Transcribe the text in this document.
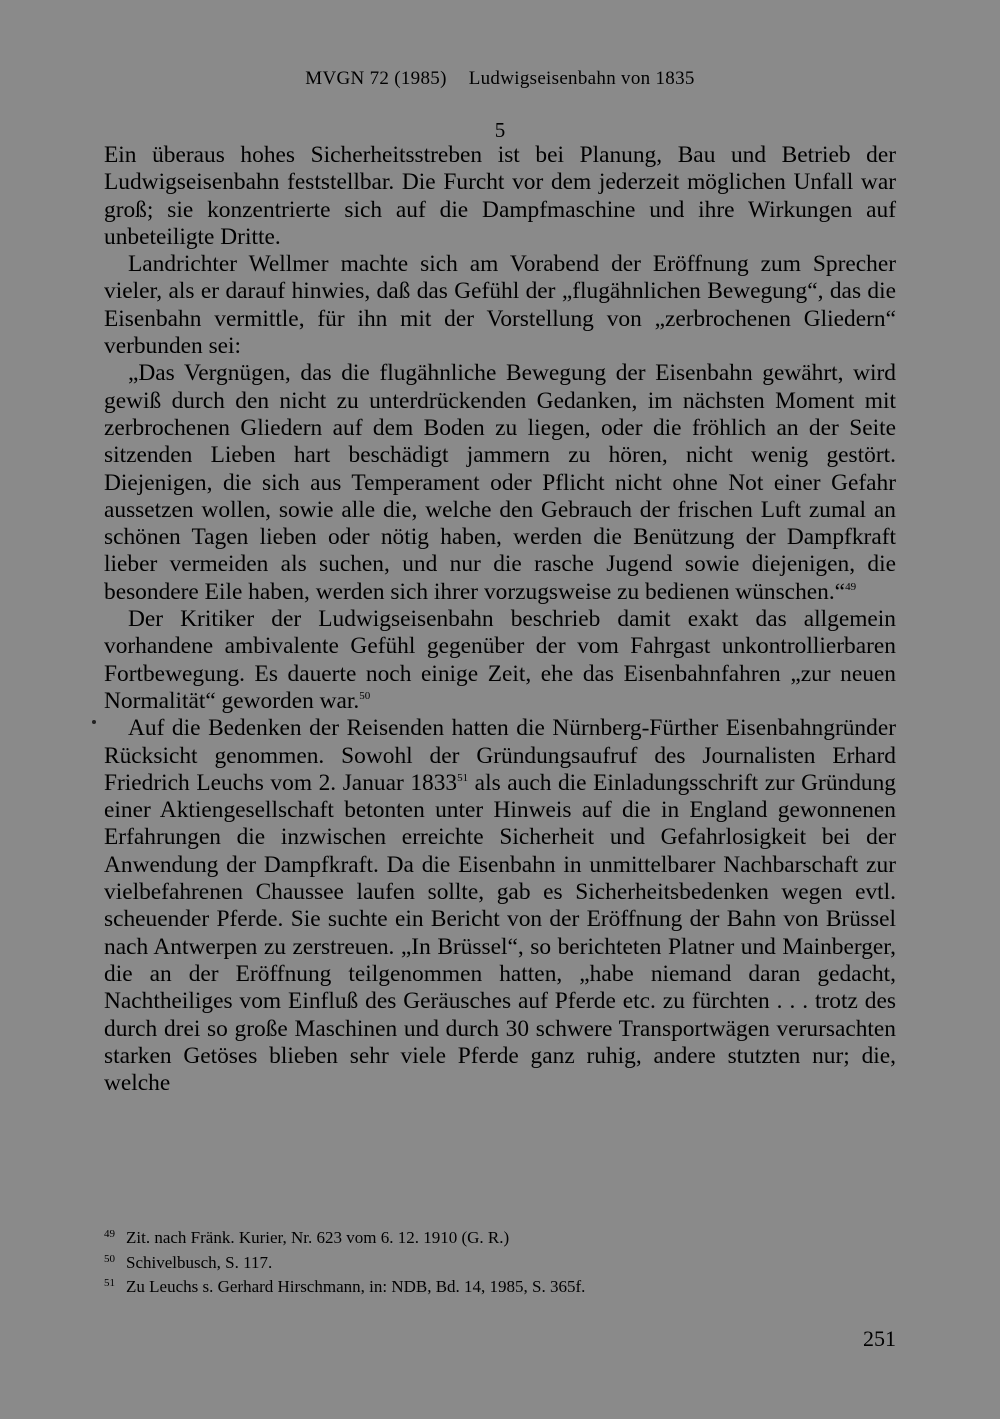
MVGN 72 (1985) Ludwigseisenbahn von 1835
5

Ein überaus hohes Sicherheitsstreben ist bei Planung, Bau und Betrieb der Ludwigseisenbahn feststellbar. Die Furcht vor dem jederzeit möglichen Unfall war groß; sie konzentrierte sich auf die Dampfmaschine und ihre Wirkungen auf unbeteiligte Dritte.

Landrichter Wellmer machte sich am Vorabend der Eröffnung zum Sprecher vieler, als er darauf hinwies, daß das Gefühl der „flugähnlichen Bewegung“, das die Eisenbahn vermittle, für ihn mit der Vorstellung von „zerbrochenen Gliedern“ verbunden sei:

„Das Vergnügen, das die flugähnliche Bewegung der Eisenbahn gewährt, wird gewiß durch den nicht zu unterdrückenden Gedanken, im nächsten Moment mit zerbrochenen Gliedern auf dem Boden zu liegen, oder die fröhlich an der Seite sitzenden Lieben hart beschädigt jammern zu hören, nicht wenig gestört. Diejenigen, die sich aus Temperament oder Pflicht nicht ohne Not einer Gefahr aussetzen wollen, sowie alle die, welche den Gebrauch der frischen Luft zumal an schönen Tagen lieben oder nötig haben, werden die Benützung der Dampfkraft lieber vermeiden als suchen, und nur die rasche Jugend sowie diejenigen, die besondere Eile haben, werden sich ihrer vorzugsweise zu bedienen wünschen.“$^{49}$

Der Kritiker der Ludwigseisenbahn beschrieb damit exakt das allgemein vorhandene ambivalente Gefühl gegenüber der vom Fahrgast unkontrollierbaren Fortbewegung. Es dauerte noch einige Zeit, ehe das Eisenbahnfahren „zur neuen Normalität“ geworden war.$^{50}$

Auf die Bedenken der Reisenden hatten die Nürnberg-Fürther Eisenbahngründer Rücksicht genommen. Sowohl der Gründungsaufruf des Journalisten Erhard Friedrich Leuchs vom 2. Januar 1833$^{51}$ als auch die Einladungsschrift zur Gründung einer Aktiengesellschaft betonten unter Hinweis auf die in England gewonnenen Erfahrungen die inzwischen erreichte Sicherheit und Gefahrlosigkeit bei der Anwendung der Dampfkraft. Da die Eisenbahn in unmittelbarer Nachbarschaft zur vielbefahrenen Chaussee laufen sollte, gab es Sicherheitsbedenken wegen evtl. scheuender Pferde. Sie suchte ein Bericht von der Eröffnung der Bahn von Brüssel nach Antwerpen zu zerstreuen. „In Brüssel“, so berichteten Platner und Mainberger, die an der Eröffnung teilgenommen hatten, „habe niemand daran gedacht, Nachtheiliges vom Einfluß des Geräusches auf Pferde etc. zu fürchten . . . trotz des durch drei so große Maschinen und durch 30 schwere Transportwägen verursachten starken Getöses blieben sehr viele Pferde ganz ruhig, andere stutzten nur; die, welche

49 Zit. nach Fränk. Kurier, Nr. 623 vom 6. 12. 1910 (G. R.)

50 Schivelbusch, S. 117.

51 Zu Leuchs s. Gerhard Hirschmann, in: NDB, Bd. 14, 1985, S. 365f.

251
